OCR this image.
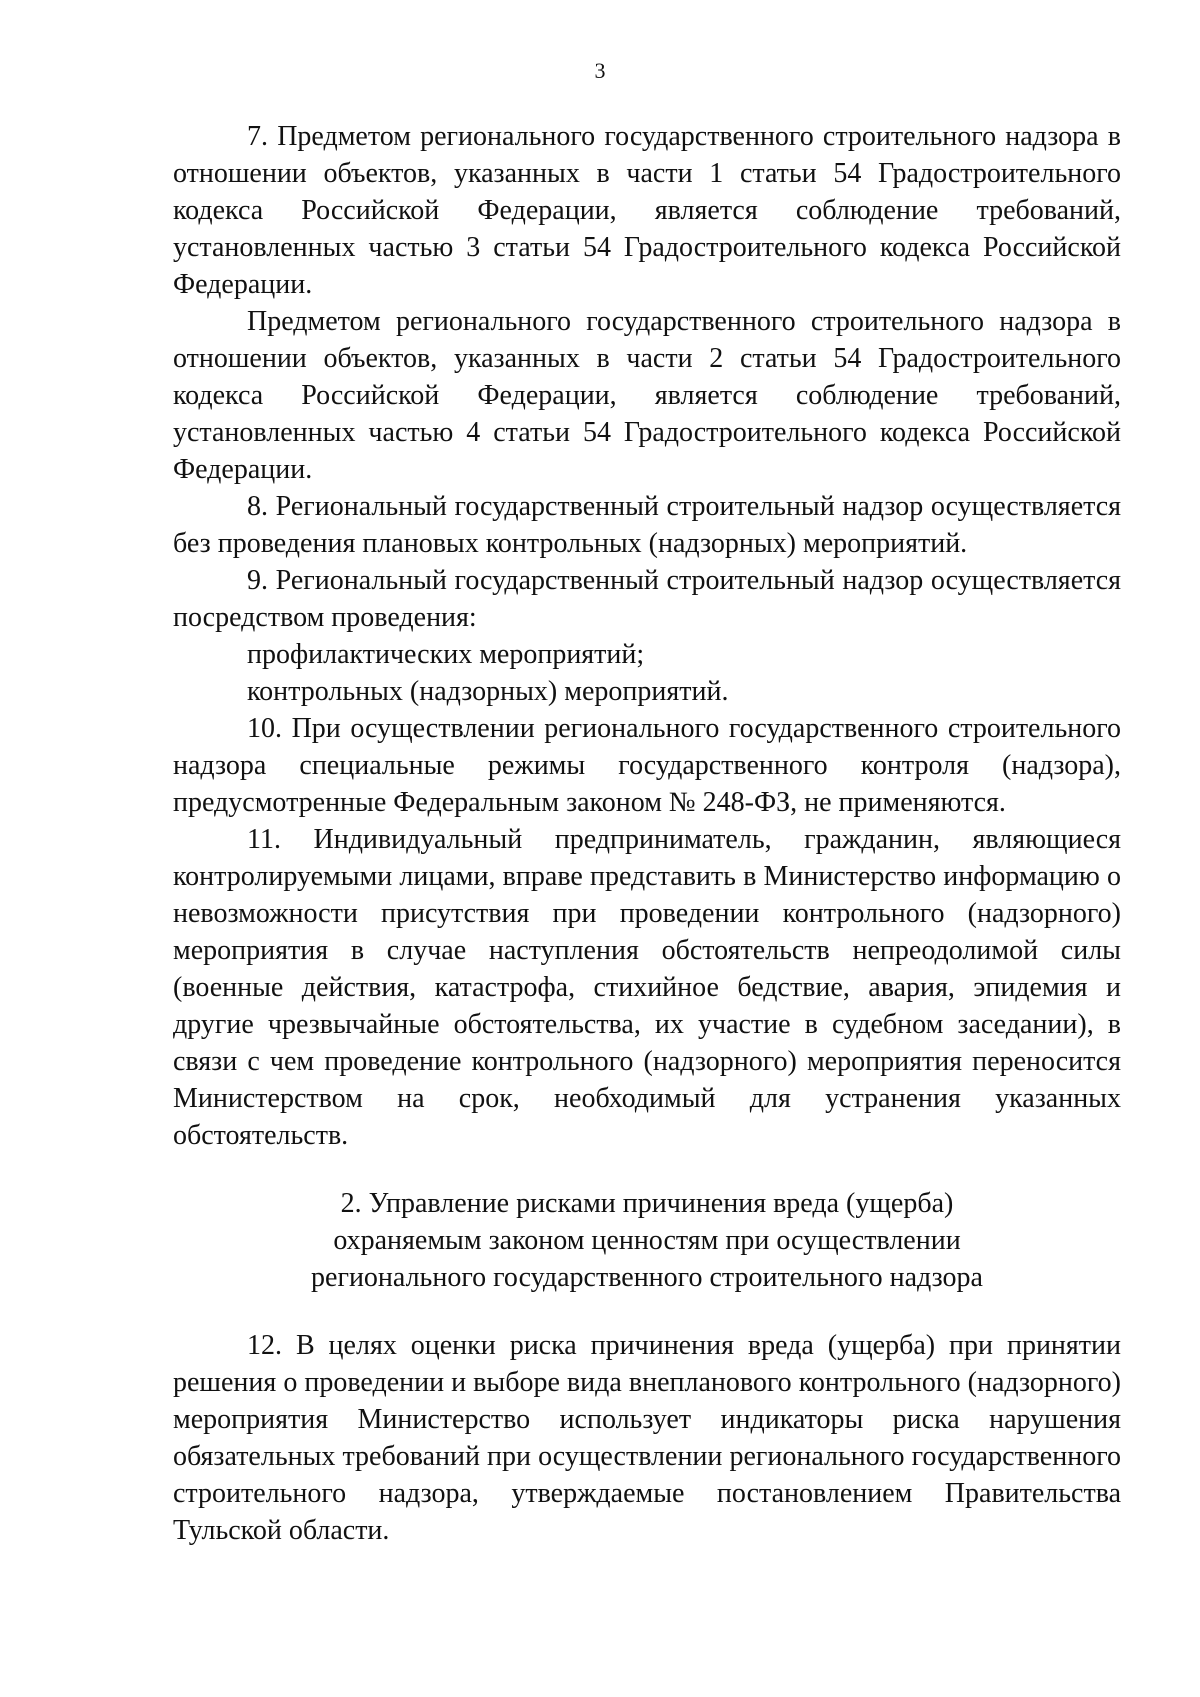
3

7. Предметом регионального государственного строительного надзора в отношении объектов, указанных в части 1 статьи 54 Градостроительного кодекса Российской Федерации, является соблюдение требований, установленных частью 3 статьи 54 Градостроительного кодекса Российской Федерации.

Предметом регионального государственного строительного надзора в отношении объектов, указанных в части 2 статьи 54 Градостроительного кодекса Российской Федерации, является соблюдение требований, установленных частью 4 статьи 54 Градостроительного кодекса Российской Федерации.

8. Региональный государственный строительный надзор осуществляется без проведения плановых контрольных (надзорных) мероприятий.

9. Региональный государственный строительный надзор осуществляется посредством проведения:

профилактических мероприятий;

контрольных (надзорных) мероприятий.

10. При осуществлении регионального государственного строительного надзора специальные режимы государственного контроля (надзора), предусмотренные Федеральным законом № 248-ФЗ, не применяются.

11. Индивидуальный предприниматель, гражданин, являющиеся контролируемыми лицами, вправе представить в Министерство информацию о невозможности присутствия при проведении контрольного (надзорного) мероприятия в случае наступления обстоятельств непреодолимой силы (военные действия, катастрофа, стихийное бедствие, авария, эпидемия и другие чрезвычайные обстоятельства, их участие в судебном заседании), в связи с чем проведение контрольного (надзорного) мероприятия переносится Министерством на срок, необходимый для устранения указанных обстоятельств.

2. Управление рисками причинения вреда (ущерба)
охраняемым законом ценностям при осуществлении
регионального государственного строительного надзора

12. В целях оценки риска причинения вреда (ущерба) при принятии решения о проведении и выборе вида внепланового контрольного (надзорного) мероприятия Министерство использует индикаторы риска нарушения обязательных требований при осуществлении регионального государственного строительного надзора, утверждаемые постановлением Правительства Тульской области.
